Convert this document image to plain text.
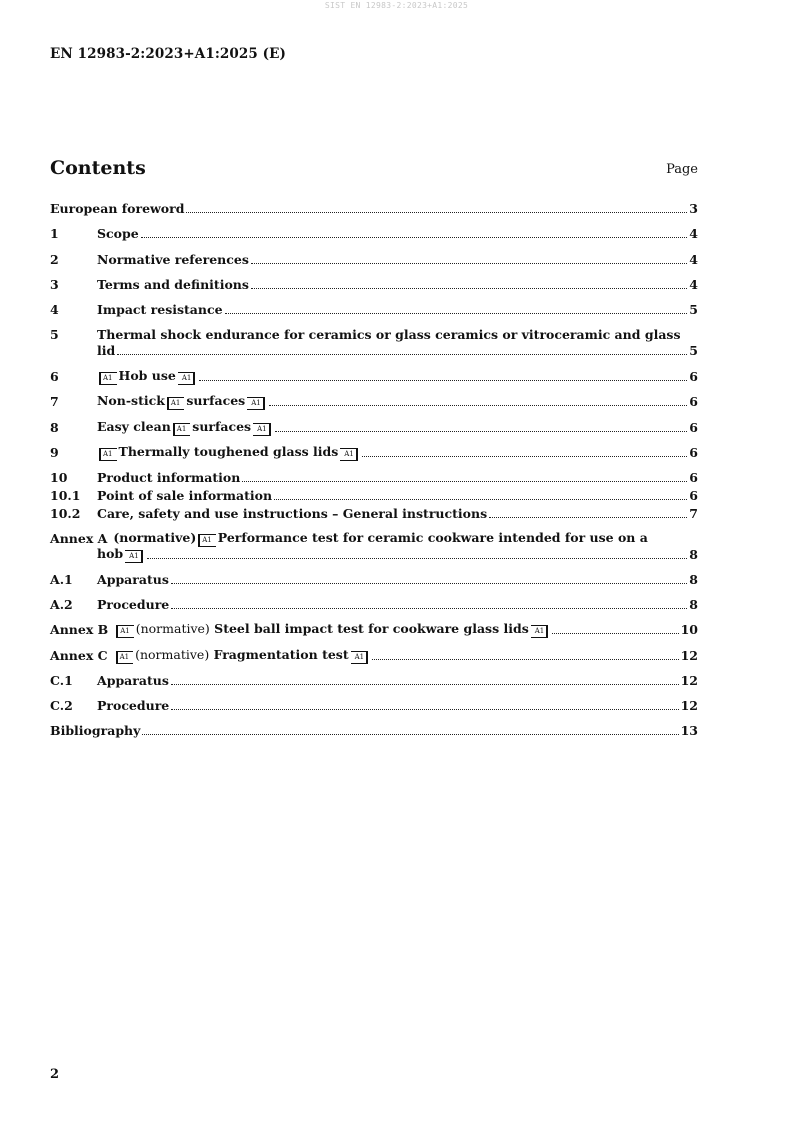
SIST EN 12983-2:2023+A1:2025
EN 12983-2:2023+A1:2025 (E)
Contents	Page
European foreword	3
1	Scope	4
2	Normative references	4
3	Terms and definitions	4
4	Impact resistance	5
5	Thermal shock endurance for ceramics or glass ceramics or vitroceramic and glass
lid	5
6	A1 Hob use A1	6
7	Non-stick A1 surfaces A1	6
8	Easy clean A1 surfaces A1	6
9	A1 Thermally toughened glass lids A1	6
10	Product information	6
10.1	Point of sale information	6
10.2	Care, safety and use instructions – General instructions	7
Annex A (normative) A1 Performance test for ceramic cookware intended for use on a
hob A1	8
A.1	Apparatus	8
A.2	Procedure	8
Annex B	A1 (normative) Steel ball impact test for cookware glass lids A1	10
Annex C	A1 (normative) Fragmentation test A1	12
C.1	Apparatus	12
C.2	Procedure	12
Bibliography	13
2
